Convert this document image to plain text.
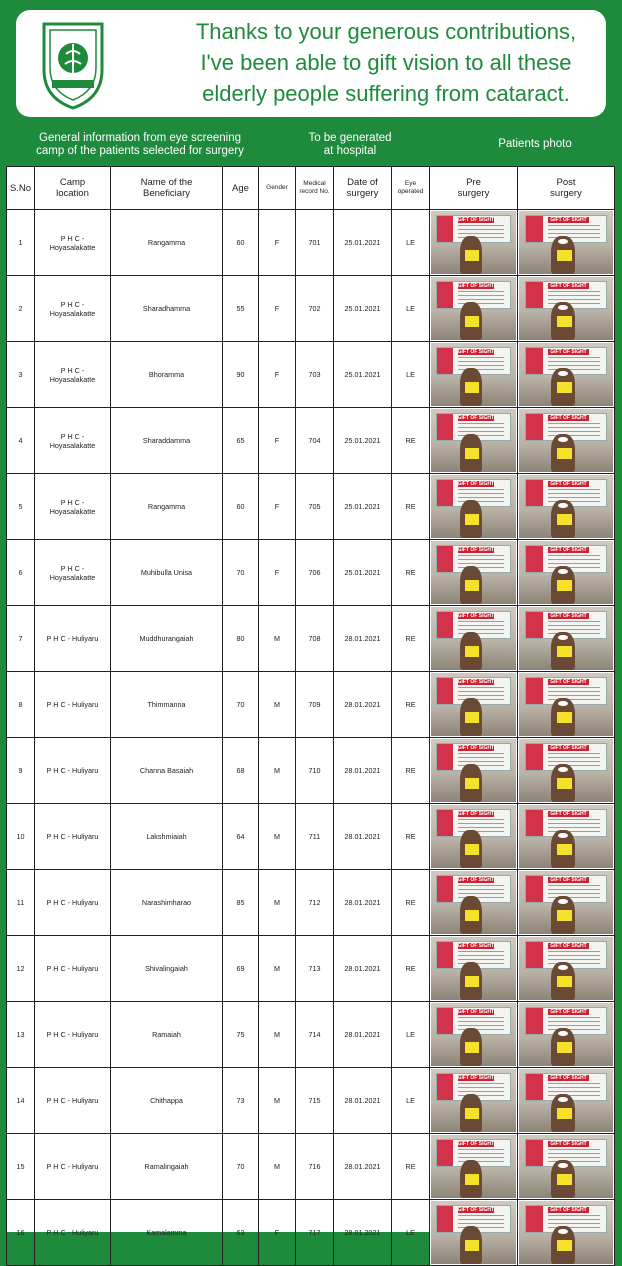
Thanks to your generous contributions,
I've been able to gift vision to all these
elderly people suffering from cataract.
General information from eye screening
camp of the patients selected for surgery
To be generated
at hospital
Patients photo
S.No	Camp
location	Name of the
Beneficiary	Age	Gender	Medical
record No.	Date of
surgery	Eye
operated	Pre
surgery	Post
surgery
1	P H C -
Hoyasalakatte	Rangamma	60	F	701	25.01.2021	LE	GIFT OF SIGHT	GIFT OF SIGHT

2	P H C -
Hoyasalakatte	Sharadhamma	55	F	702	25.01.2021	LE	GIFT OF SIGHT	GIFT OF SIGHT

3	P H C -
Hoyasalakatte	Bhoramma	90	F	703	25.01.2021	LE	GIFT OF SIGHT	GIFT OF SIGHT

4	P H C -
Hoyasalakatte	Sharaddamma	65	F	704	25.01.2021	RE	GIFT OF SIGHT	GIFT OF SIGHT

5	P H C -
Hoyasalakatte	Rangamma	60	F	705	25.01.2021	RE	GIFT OF SIGHT	GIFT OF SIGHT

6	P H C -
Hoyasalakatte	Muhibulla Unisa	70	F	706	25.01.2021	RE	GIFT OF SIGHT	GIFT OF SIGHT

7	P H C - Huliyaru	Muddhurangaiah	80	M	708	28.01.2021	RE	GIFT OF SIGHT	GIFT OF SIGHT

8	P H C - Huliyaru	Thimmanna	70	M	709	28.01.2021	RE	GIFT OF SIGHT	GIFT OF SIGHT

9	P H C - Huliyaru	Channa Basaiah	68	M	710	28.01.2021	RE	GIFT OF SIGHT	GIFT OF SIGHT

10	P H C - Huliyaru	Lakshmiaiah	64	M	711	28.01.2021	RE	GIFT OF SIGHT	GIFT OF SIGHT

11	P H C - Huliyaru	Narashimharao	85	M	712	28.01.2021	RE	GIFT OF SIGHT	GIFT OF SIGHT

12	P H C - Huliyaru	Shivalingaiah	69	M	713	28.01.2021	RE	GIFT OF SIGHT	GIFT OF SIGHT

13	P H C - Huliyaru	Ramaiah	75	M	714	28.01.2021	LE	GIFT OF SIGHT	GIFT OF SIGHT

14	P H C - Huliyaru	Chithappa	73	M	715	28.01.2021	LE	GIFT OF SIGHT	GIFT OF SIGHT

15	P H C - Huliyaru	Ramalingaiah	70	M	716	28.01.2021	RE	GIFT OF SIGHT	GIFT OF SIGHT

16	P H C - Huliyaru	Kamalamma	63	F	717	28.01.2021	LE	GIFT OF SIGHT	GIFT OF SIGHT
